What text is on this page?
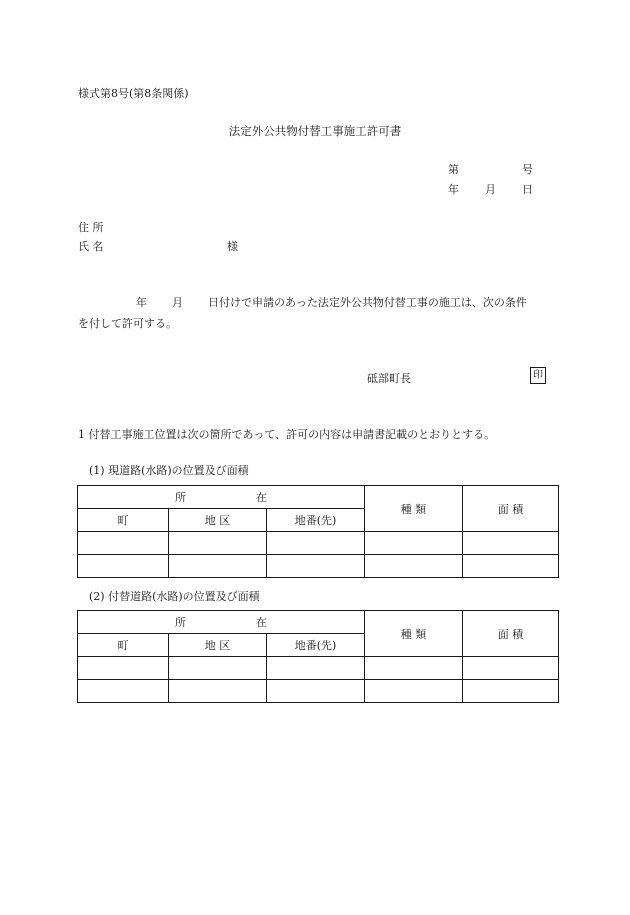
様式第8号(第8条関係)
法定外公共物付替工事施工許可書
第	号
年 月 日
住 所
氏 名	様
年 月 日付けで申請のあった法定外公共物付替工事の施工は、次の条件
を付して許可する。
砥部町長	印
1 付替工事施工位置は次の箇所であって、許可の内容は申請書記載のとおりとする。
(1) 現道路(水路)の位置及び面積
所 在			種 類	面 積
町	地 区	地番(先)		

(2) 付替道路(水路)の位置及び面積
所 在			種 類	面 積
町	地 区	地番(先)		
